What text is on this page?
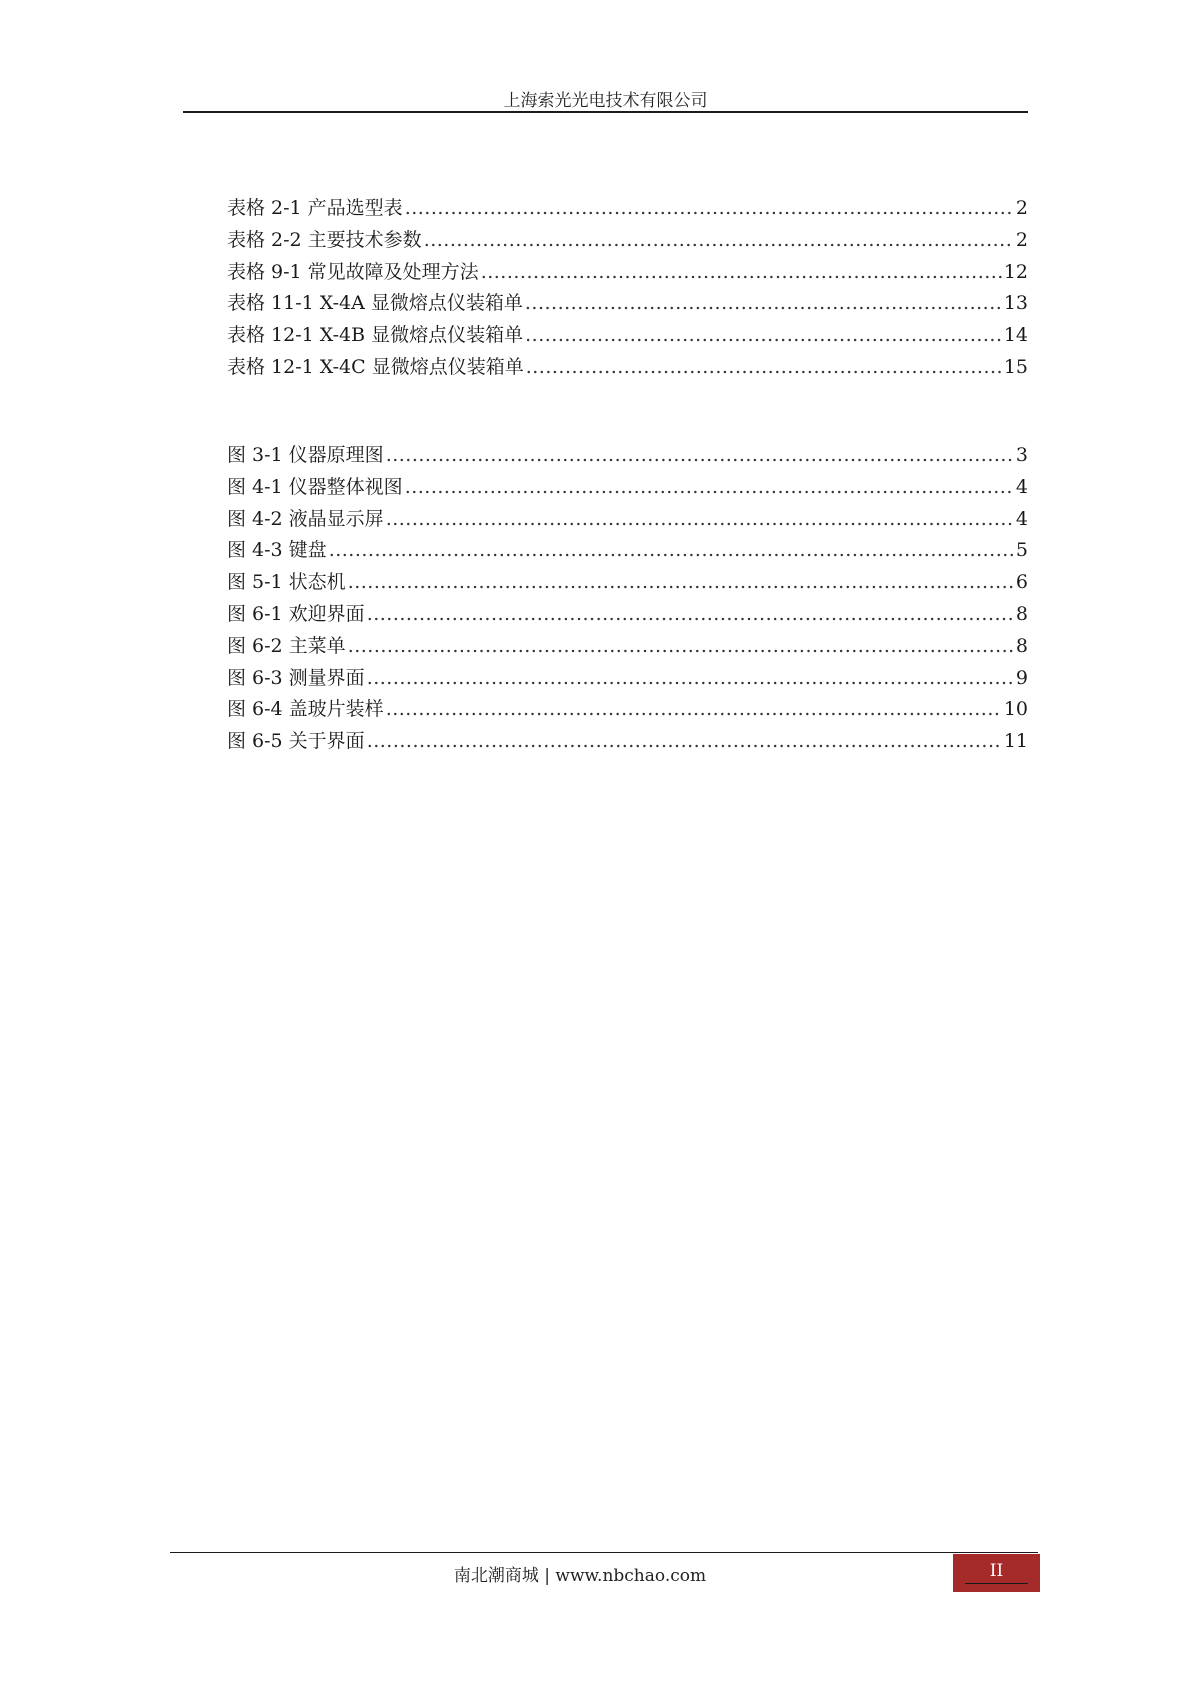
上海索光光电技术有限公司
表格 2-1 产品选型表 .....	2
表格 2-2 主要技术参数 .....	2
表格 9-1 常见故障及处理方法 .....	12
表格 11-1 X-4A 显微熔点仪装箱单 .....	13
表格 12-1 X-4B 显微熔点仪装箱单 .....	14
表格 12-1 X-4C 显微熔点仪装箱单 .....	15
图 3-1 仪器原理图 .....	3
图 4-1 仪器整体视图 .....	4
图 4-2 液晶显示屏 .....	4
图 4-3 键盘 .....	5
图 5-1 状态机 .....	6
图 6-1 欢迎界面 .....	8
图 6-2 主菜单 .....	8
图 6-3 测量界面 .....	9
图 6-4 盖玻片装样 .....	10
图 6-5 关于界面 .....	11
南北潮商城 | www.nbchao.com	II
